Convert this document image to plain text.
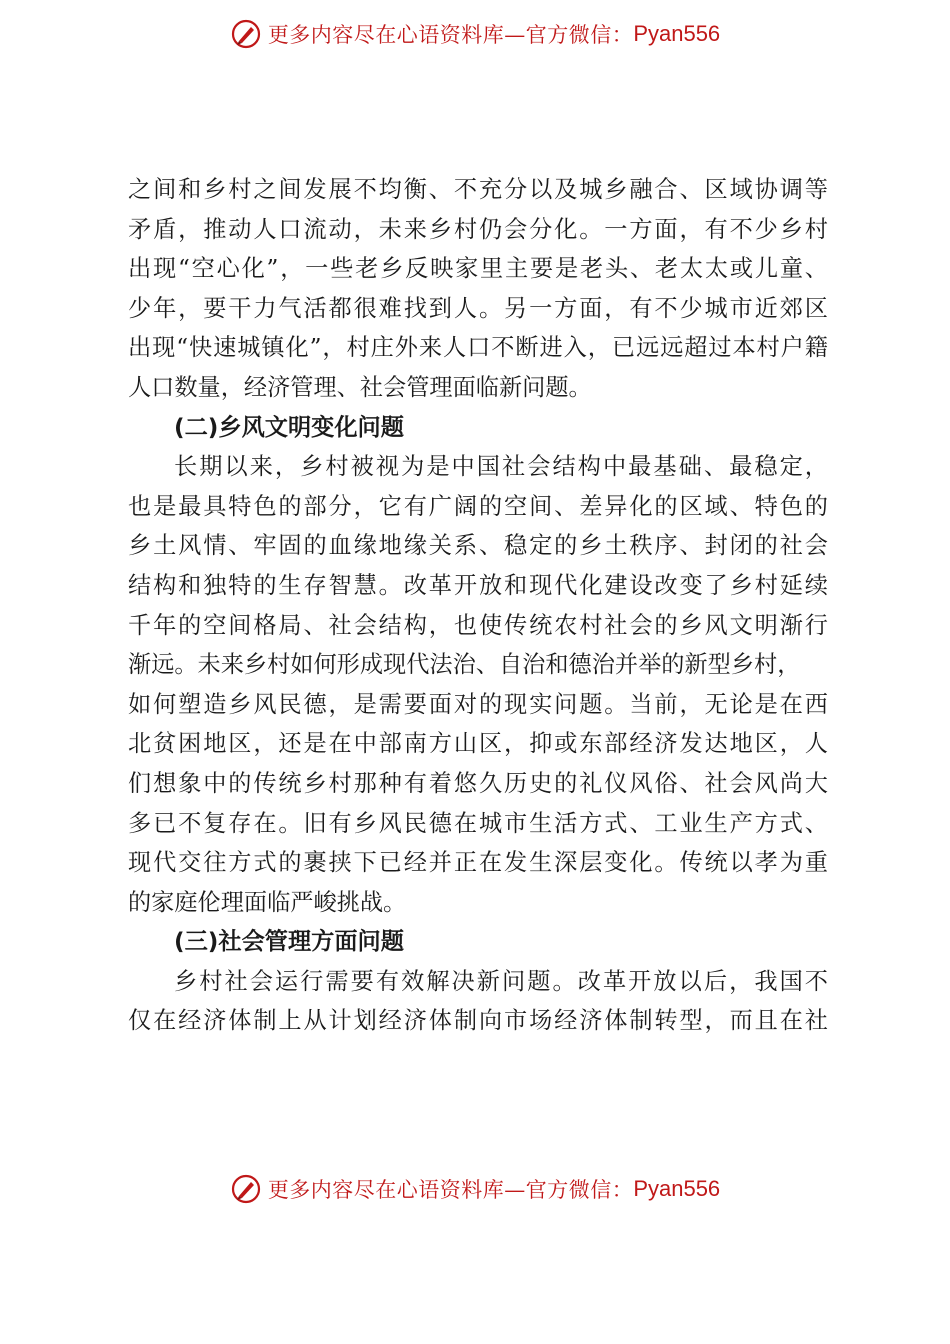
更多内容尽在心语资料库—官方微信： Pyan556
之间和乡村之间发展不均衡、不充分以及城乡融合、区域协调等
矛盾，推动人口流动，未来乡村仍会分化。一方面，有不少乡村
出现“空心化”，一些老乡反映家里主要是老头、老太太或儿童、
少年，要干力气活都很难找到人。另一方面，有不少城市近郊区
出现“快速城镇化”，村庄外来人口不断进入，已远远超过本村户籍
人口数量，经济管理、社会管理面临新问题。
(二)乡风文明变化问题
长期以来，乡村被视为是中国社会结构中最基础、最稳定，
也是最具特色的部分，它有广阔的空间、差异化的区域、特色的
乡土风情、牢固的血缘地缘关系、稳定的乡土秩序、封闭的社会
结构和独特的生存智慧。改革开放和现代化建设改变了乡村延续
千年的空间格局、社会结构，也使传统农村社会的乡风文明渐行
渐远。未来乡村如何形成现代法治、自治和德治并举的新型乡村，
如何塑造乡风民德，是需要面对的现实问题。当前，无论是在西
北贫困地区，还是在中部南方山区，抑或东部经济发达地区，人
们想象中的传统乡村那种有着悠久历史的礼仪风俗、社会风尚大
多已不复存在。旧有乡风民德在城市生活方式、工业生产方式、
现代交往方式的裹挟下已经并正在发生深层变化。传统以孝为重
的家庭伦理面临严峻挑战。
(三)社会管理方面问题
乡村社会运行需要有效解决新问题。改革开放以后，我国不
仅在经济体制上从计划经济体制向市场经济体制转型，而且在社
更多内容尽在心语资料库—官方微信： Pyan556
